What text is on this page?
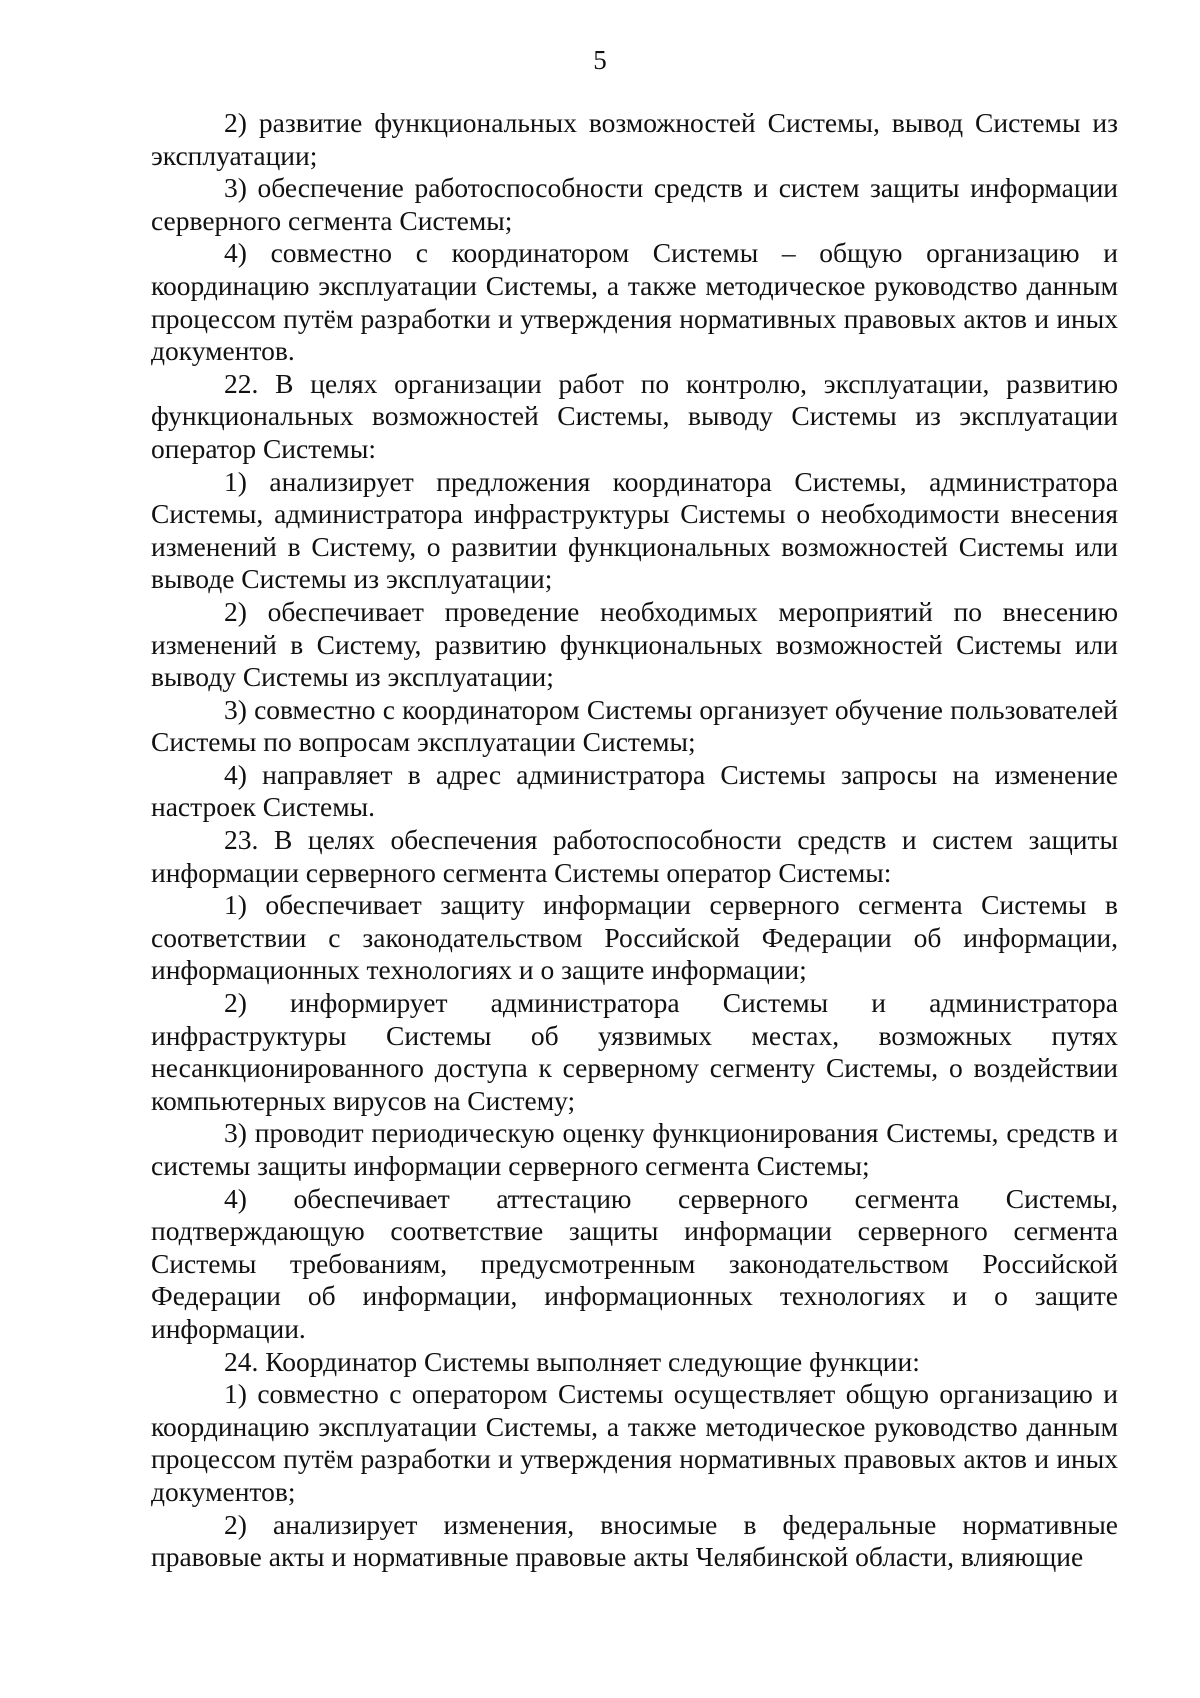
5

2) развитие функциональных возможностей Системы, вывод Системы из эксплуатации;

3) обеспечение работоспособности средств и систем защиты информации серверного сегмента Системы;

4) совместно с координатором Системы – общую организацию и координацию эксплуатации Системы, а также методическое руководство данным процессом путём разработки и утверждения нормативных правовых актов и иных документов.

22. В целях организации работ по контролю, эксплуатации, развитию функциональных возможностей Системы, выводу Системы из эксплуатации оператор Системы:

1) анализирует предложения координатора Системы, администратора Системы, администратора инфраструктуры Системы о необходимости внесения изменений в Систему, о развитии функциональных возможностей Системы или выводе Системы из эксплуатации;

2) обеспечивает проведение необходимых мероприятий по внесению изменений в Систему, развитию функциональных возможностей Системы или выводу Системы из эксплуатации;

3) совместно с координатором Системы организует обучение пользователей Системы по вопросам эксплуатации Системы;

4) направляет в адрес администратора Системы запросы на изменение настроек Системы.

23. В целях обеспечения работоспособности средств и систем защиты информации серверного сегмента Системы оператор Системы:

1) обеспечивает защиту информации серверного сегмента Системы в соответствии с законодательством Российской Федерации об информации, информационных технологиях и о защите информации;

2) информирует администратора Системы и администратора инфраструктуры Системы об уязвимых местах, возможных путях несанкционированного доступа к серверному сегменту Системы, о воздействии компьютерных вирусов на Систему;

3) проводит периодическую оценку функционирования Системы, средств и системы защиты информации серверного сегмента Системы;

4) обеспечивает аттестацию серверного сегмента Системы, подтверждающую соответствие защиты информации серверного сегмента Системы требованиям, предусмотренным законодательством Российской Федерации об информации, информационных технологиях и о защите информации.

24. Координатор Системы выполняет следующие функции:

1) совместно с оператором Системы осуществляет общую организацию и координацию эксплуатации Системы, а также методическое руководство данным процессом путём разработки и утверждения нормативных правовых актов и иных документов;

2) анализирует изменения, вносимые в федеральные нормативные правовые акты и нормативные правовые акты Челябинской области, влияющие
